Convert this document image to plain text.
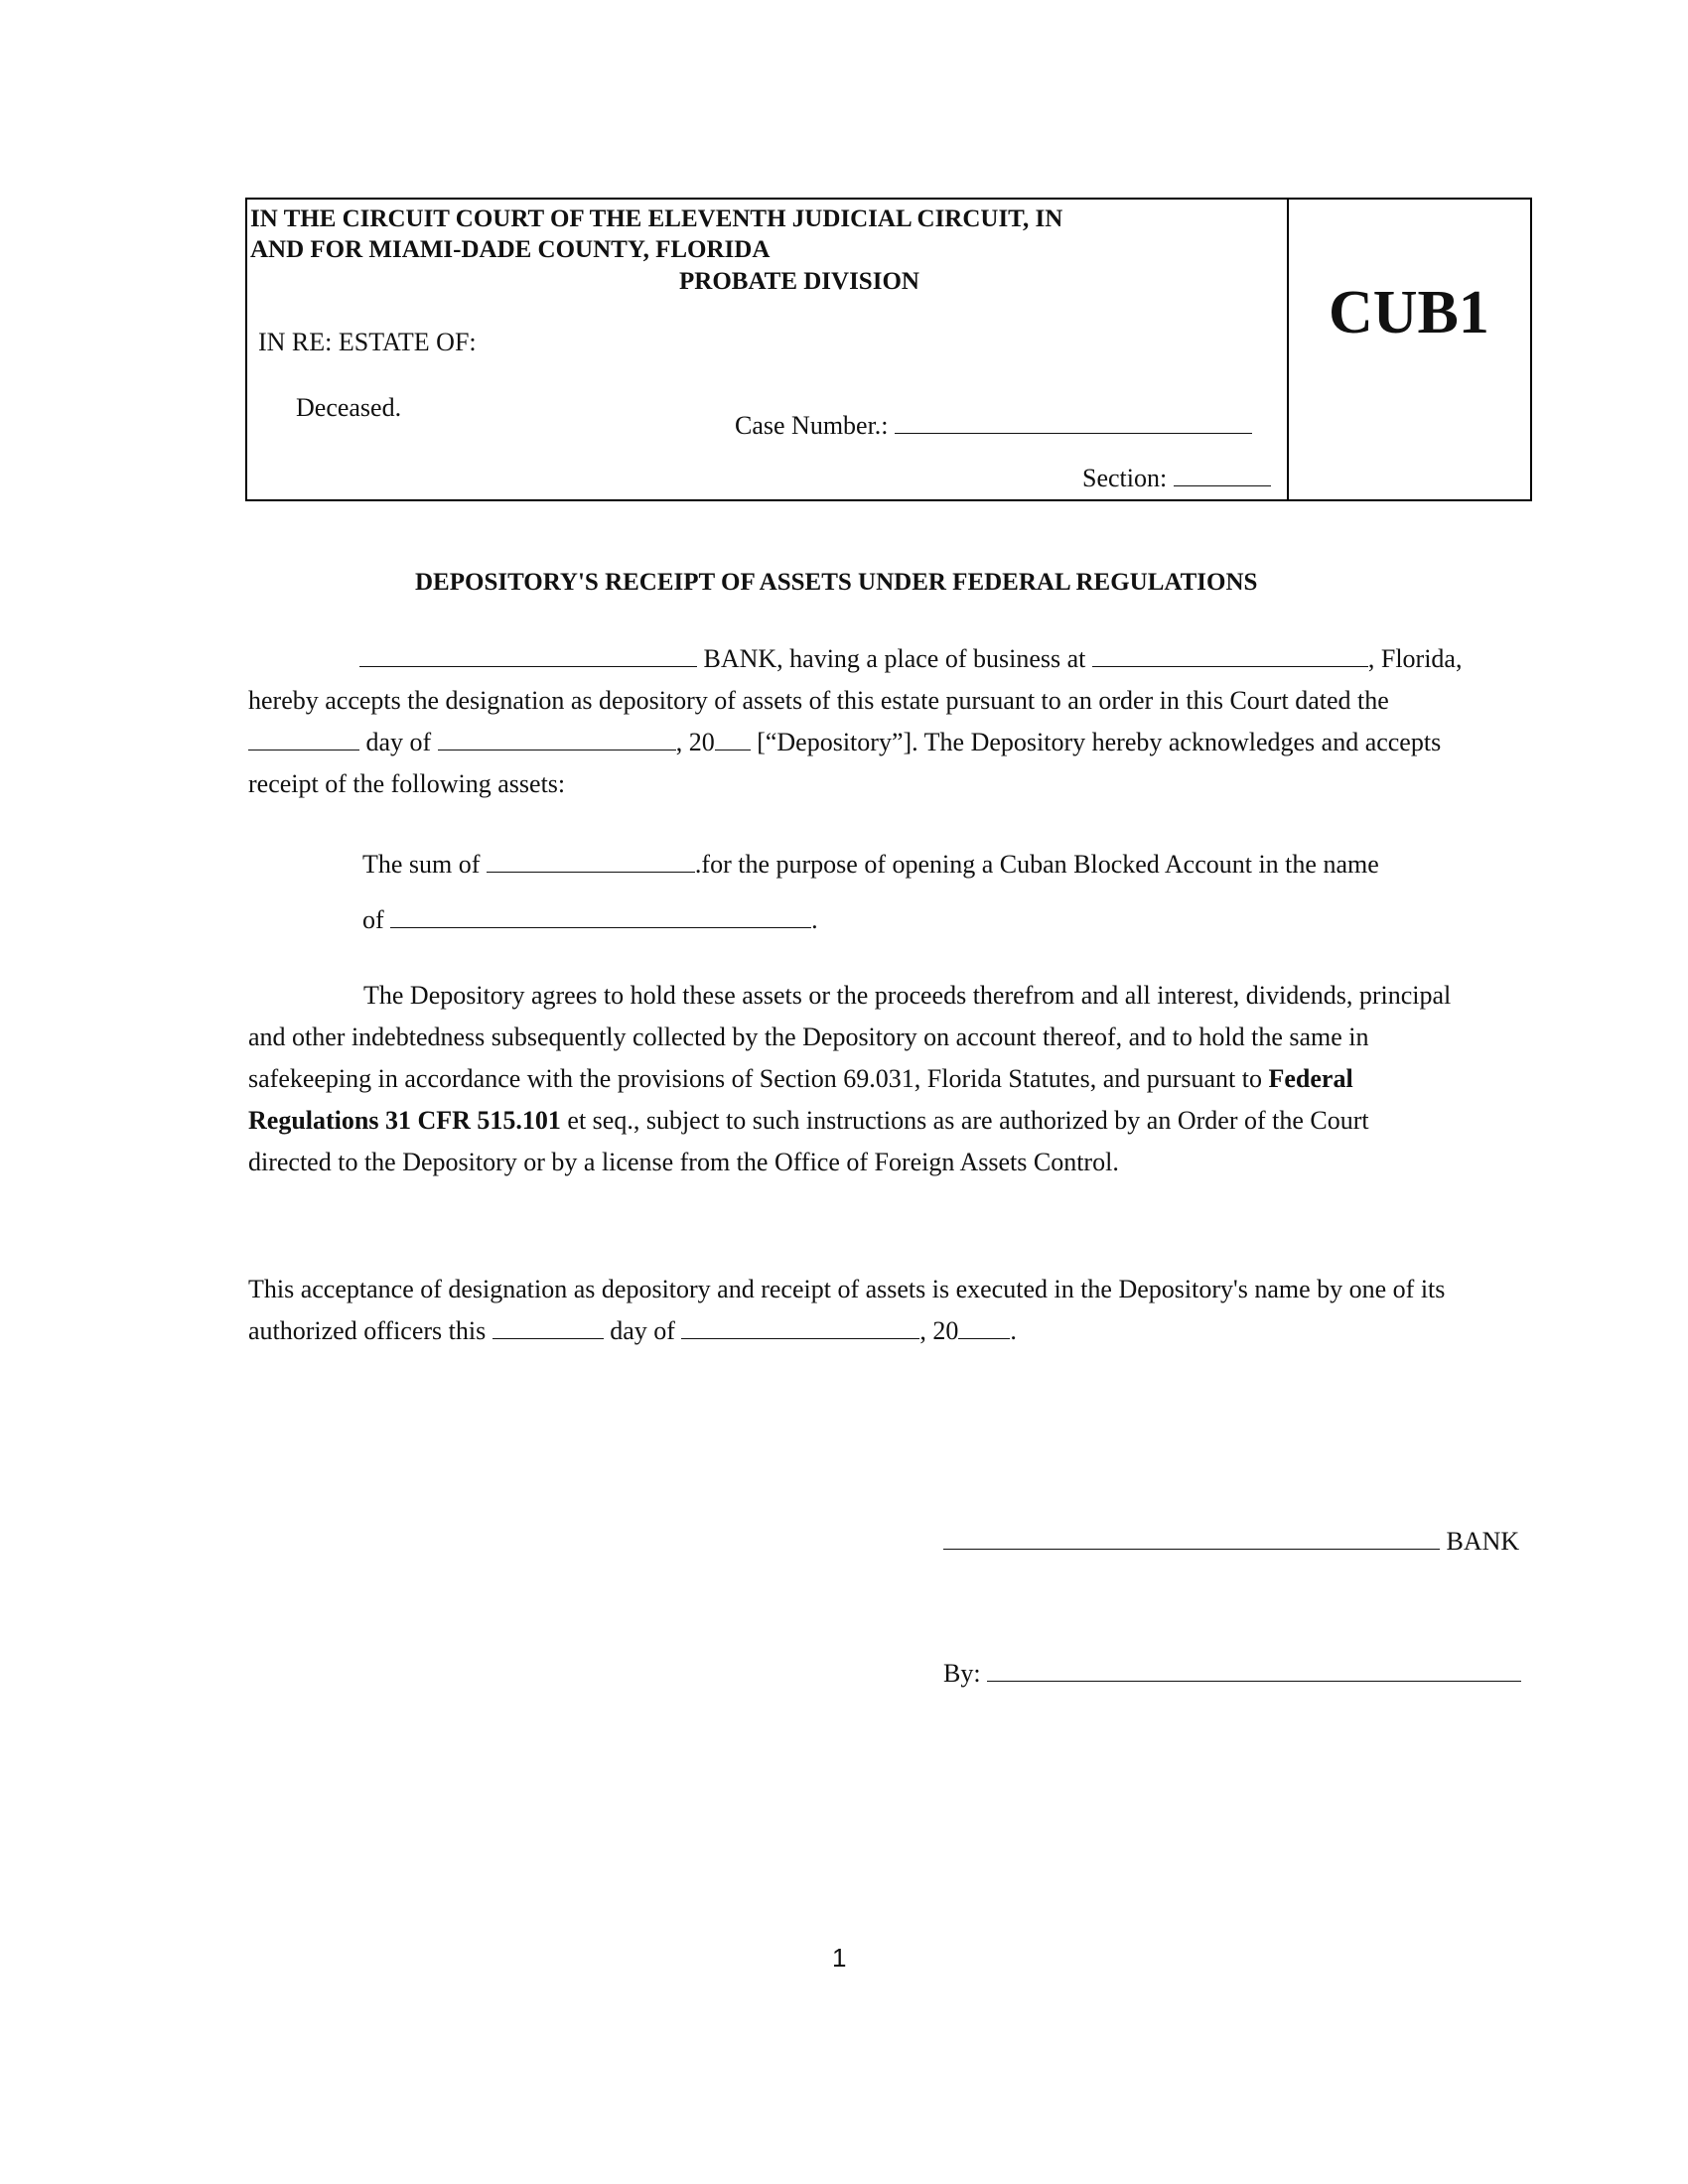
IN THE CIRCUIT COURT OF THE ELEVENTH JUDICIAL CIRCUIT, IN
AND FOR MIAMI-DADE COUNTY, FLORIDA
PROBATE DIVISION
IN RE: ESTATE OF:
Deceased.
Case Number.:
Section:
CUB1
DEPOSITORY'S RECEIPT OF ASSETS UNDER FEDERAL REGULATIONS

BANK, having a place of business at	, Florida,

hereby accepts the designation as depository of assets of this estate pursuant to an order in this Court dated the

day of	, 20 [“Depository”]. The Depository hereby acknowledges and accepts

receipt of the following assets:

The sum of	.for the purpose of opening a Cuban Blocked Account in the name
of	.

The Depository agrees to hold these assets or the proceeds therefrom and all interest, dividends, principal

and other indebtedness subsequently collected by the Depository on account thereof, and to hold the same in

safekeeping in accordance with the provisions of Section 69.031, Florida Statutes, and pursuant to Federal

Regulations 31 CFR 515.101 et seq., subject to such instructions as are authorized by an Order of the Court

directed to the Depository or by a license from the Office of Foreign Assets Control.

This acceptance of designation as depository and receipt of assets is executed in the Depository's name by one of its

authorized officers this	day of	, 20 .

BANK
By:
1
